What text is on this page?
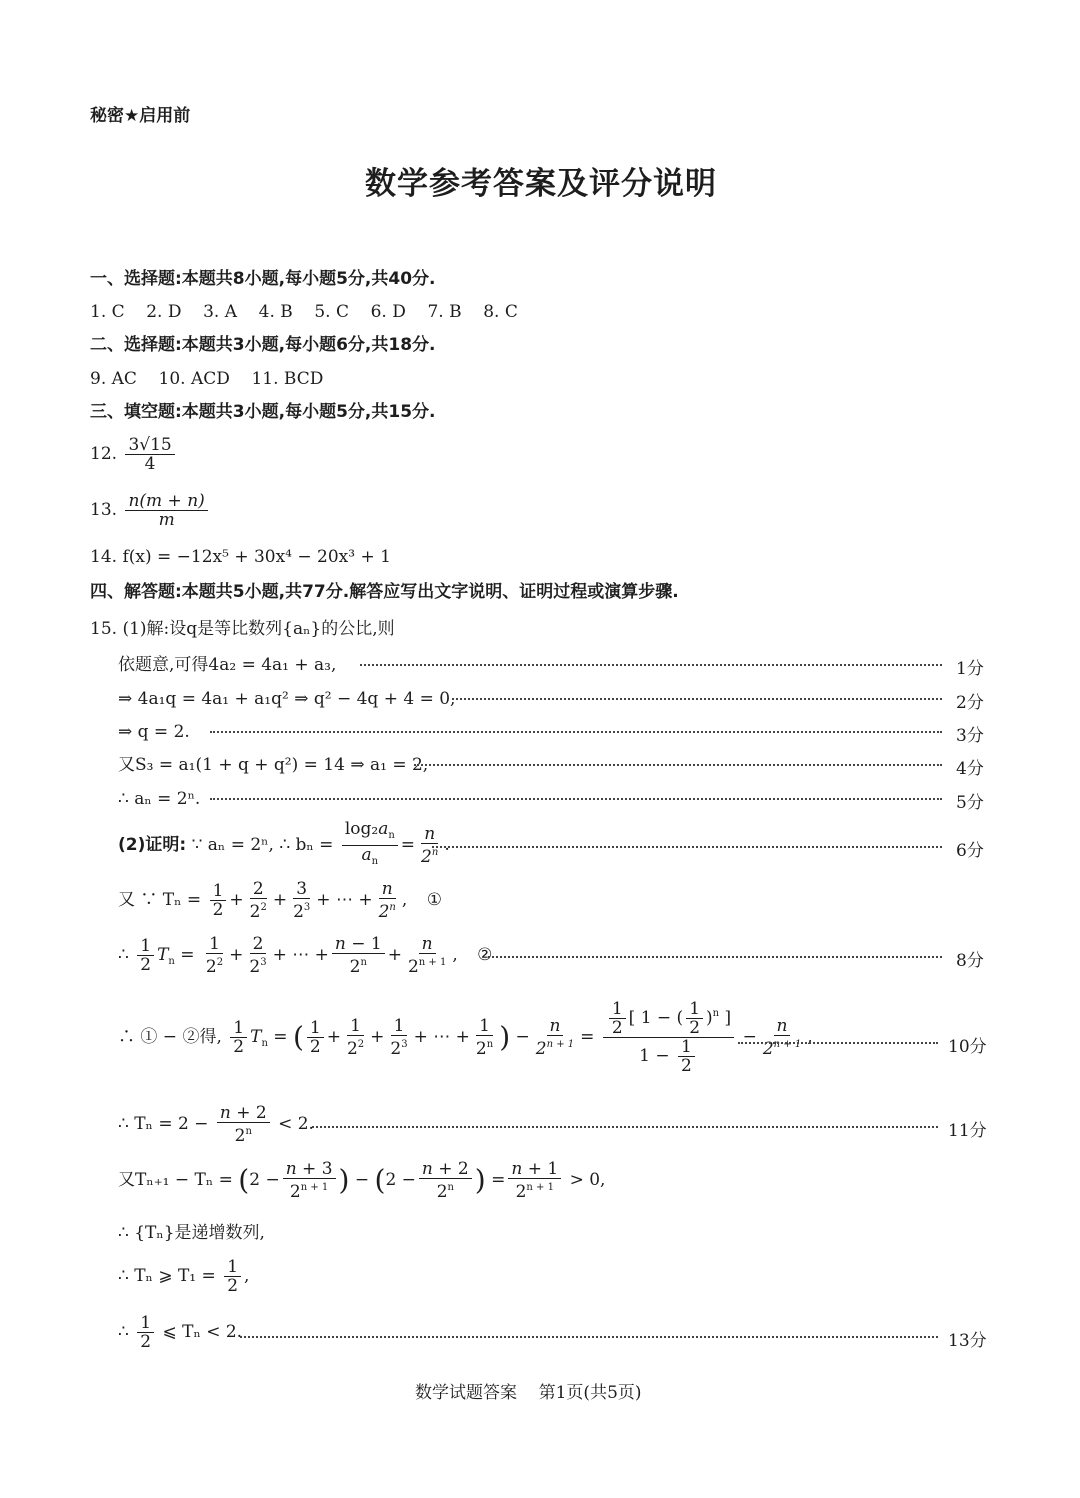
秘密★启用前
数学参考答案及评分说明
一、选择题:本题共8小题,每小题5分,共40分.
1. C    2. D    3. A    4. B    5. C    6. D    7. B    8. C
二、选择题:本题共3小题,每小题6分,共18分.
9. AC    10. ACD    11. BCD
三、填空题:本题共3小题,每小题5分,共15分.
12. $\frac{3√15}{4}$
13. $\frac{n(m + n)}{m}$
14. f(x) = −12x⁵ + 30x⁴ − 20x³ + 1
四、解答题:本题共5小题,共77分.解答应写出文字说明、证明过程或演算步骤.
15. (1)解:设q是等比数列{aₙ}的公比,则
依题意,可得4a₂ = 4a₁ + a₃,	1分
⇒ 4a₁q = 4a₁ + a₁q² ⇒ q² − 4q + 4 = 0,	2分
⇒ q = 2.	3分
又S₃ = a₁(1 + q + q²) = 14 ⇒ a₁ = 2,	4分
∴ aₙ = 2ⁿ.	5分
(2)证明: ∵ aₙ = 2ⁿ, ∴ $b_n = \frac{\log_2a_n}{a_n} = \frac{n}{2^n}$ .	6分
又 ∵ $T_n = \frac{1}{2} + \frac{2}{2^2} + \frac{3}{2^3}$ + ⋯ + $\frac{n}{2^n}$ , ①
∴ $\frac{1}{2} T_n = \frac{1}{2^2} + \frac{2}{2^3}$ + ⋯ + $\frac{n - 1}{2^n} + \frac{n}{2^{n + 1}}$ , ②	8分
∴ ① − ②得, $\frac{1}{2} T_n$ = ( $\frac{1}{2} + \frac{1}{2^2} + \frac{1}{2^3}$ + ⋯ + $\frac{1}{2^n}$ ) − $\frac{n}{2^{n + 1}} = \frac{\frac{1}{2} [ 1 - ( \frac{1}{2} )^n ]}{1 - \frac{1}{2}} - \frac{n}{2^{n + 1}}$ ,	10分
∴ $T_n = 2 - \frac{n + 2}{2^n} < 2$.	11分
又$T_{n+1} - T_n = (2 - \frac{n + 3}{2^{n + 1}}$ ) − ($2 - \frac{n + 2}{2^n}$ ) = $\frac{n + 1}{2^{n + 1}} > 0$,
∴ {Tₙ}是递增数列,
∴ Tₙ ⩾ $T_1 = \frac{1}{2}$ ,
∴ $\frac{1}{2}$ ⩽ Tₙ < 2.	13分
数学试题答案    第1页(共5页)
